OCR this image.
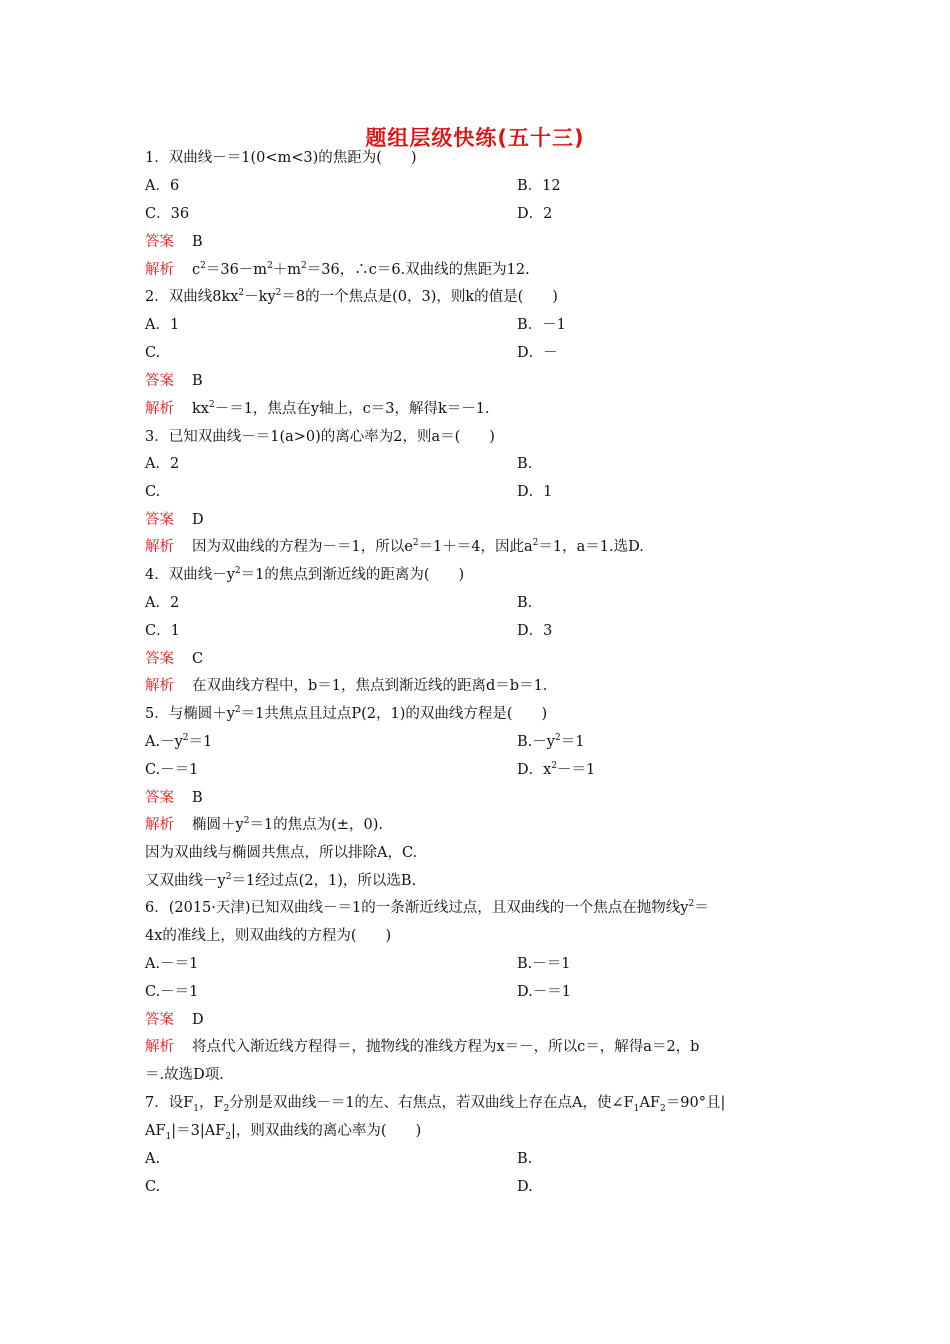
题组层级快练(五十三)
1．双曲线－＝1(0<m<3)的焦距为(　　)
A．6	B．12
C．36	D．2
答案 B
解析 $c^2=36-m^2+m^2=36$，∴c＝6.双曲线的焦距为12.
2．双曲线$8kx^2-ky^2=8$的一个焦点是(0，3)，则k的值是(　　)
A．1	B．－1
C.	D．－
答案 B
解析 $kx^2-=1$，焦点在y轴上，c＝3，解得k＝－1.
3．已知双曲线－＝1(a>0)的离心率为2，则a＝(　　)
A．2	B.
C.	D．1
答案 D
解析 因为双曲线的方程为－＝1，所以$e^2=1+=4$，因此$a^2=1$，a＝1.选D.
4．双曲线$-y^2=1$的焦点到渐近线的距离为(　　)
A．2	B.
C．1	D．3
答案 C
解析 在双曲线方程中，b＝1，焦点到渐近线的距离d＝b＝1.
5．与椭圆$+y^2=1$共焦点且过点P(2，1)的双曲线方程是(　　)
$A.-y^2=1$	$B.-y^2=1$
C.－＝1	D．$x^2-=1$
答案 B
解析 椭圆$+y^2=1$的焦点为(±，0).
因为双曲线与椭圆共焦点，所以排除A，C.
又双曲线$-y^2=1$经过点(2，1)，所以选B.
6．(2015·天津)已知双曲线－＝1的一条渐近线过点，且双曲线的一个焦点在抛物线$y^2=$
4x的准线上，则双曲线的方程为(　　)
A.－＝1	B.－＝1
C.－＝1	D.－＝1
答案 D
解析 将点代入渐近线方程得＝，抛物线的准线方程为x＝－，所以c＝，解得a＝2，b
＝.故选D项.
7．设$F_1$，$F_2$分别是双曲线－＝1的左、右焦点，若双曲线上存在点A，使$\angle F_1AF_2=90^\circ$且|
$AF_1|=3|AF_2|$，则双曲线的离心率为(　　)
A.	B.
C.	D.
